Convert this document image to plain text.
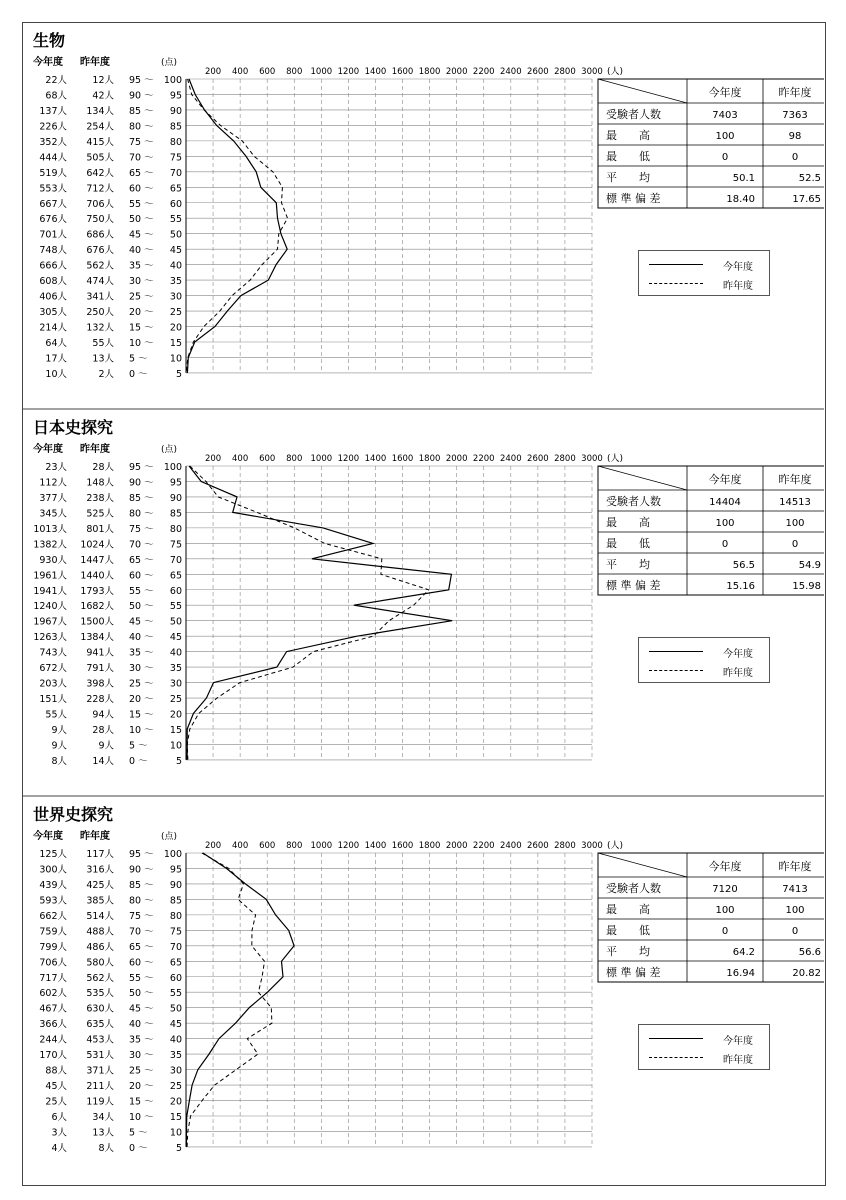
生物
今年度 昨年度	(点)
(人)
200 400 600 800 1000 1200 1400 1600 1800 2000 2200 2400 2600 2800 3000
22人	12人 95 ～ 100
68人	42人 90 ～ 95
137人 134人 85 ～ 90
226人 254人 80 ～ 85
352人 415人 75 ～ 80
444人 505人 70 ～ 75
519人 642人 65 ～ 70
553人 712人 60 ～ 65
667人 706人 55 ～ 60
676人 750人 50 ～ 55
701人 686人 45 ～ 50
748人 676人 40 ～ 45
666人 562人 35 ～ 40
608人 474人 30 ～ 35
406人 341人 25 ～ 30
305人 250人 20 ～ 25
214人 132人 15 ～ 20
64人	55人 10 ～ 15
17人	13人 5 ～ 10
10人	2人 0 ～	5
今年度	昨年度
受験者人数	7403	7363
最　　高	100	98
最　　低	0	0
平　　均	50.1	52.5
標 準 偏 差	18.40	17.65
今年度
昨年度
日本史探究
今年度 昨年度	(点)
(人)
200 400 600 800 1000 1200 1400 1600 1800 2000 2200 2400 2600 2800 3000
23人	28人 95 ～ 100
112人 148人 90 ～ 95
377人 238人 85 ～ 90
345人 525人 80 ～ 85
1013人 801人 75 ～ 80
1382人 1024人 70 ～ 75
930人 1447人 65 ～ 70
1961人 1440人 60 ～ 65
1941人 1793人 55 ～ 60
1240人 1682人 50 ～ 55
1967人 1500人 45 ～ 50
1263人 1384人 40 ～ 45
743人 941人 35 ～ 40
672人 791人 30 ～ 35
203人 398人 25 ～ 30
151人 228人 20 ～ 25
55人	94人 15 ～ 20
9人	28人 10 ～ 15
9人	9人 5 ～ 10
8人	14人 0 ～	5
今年度	昨年度
受験者人数	14404	14513
最　　高	100	100
最　　低	0	0
平　　均	56.5	54.9
標 準 偏 差	15.16	15.98
今年度
昨年度
世界史探究
今年度 昨年度	(点)
(人)
200 400 600 800 1000 1200 1400 1600 1800 2000 2200 2400 2600 2800 3000
125人 117人 95 ～ 100
300人 316人 90 ～ 95
439人 425人 85 ～ 90
593人 385人 80 ～ 85
662人 514人 75 ～ 80
759人 488人 70 ～ 75
799人 486人 65 ～ 70
706人 580人 60 ～ 65
717人 562人 55 ～ 60
602人 535人 50 ～ 55
467人 630人 45 ～ 50
366人 635人 40 ～ 45
244人 453人 35 ～ 40
170人 531人 30 ～ 35
88人 371人 25 ～ 30
45人 211人 20 ～ 25
25人 119人 15 ～ 20
6人	34人 10 ～ 15
3人	13人 5 ～ 10
4人	8人 0 ～	5
今年度	昨年度
受験者人数	7120	7413
最　　高	100	100
最　　低	0	0
平　　均	64.2	56.6
標 準 偏 差	16.94	20.82
今年度
昨年度
